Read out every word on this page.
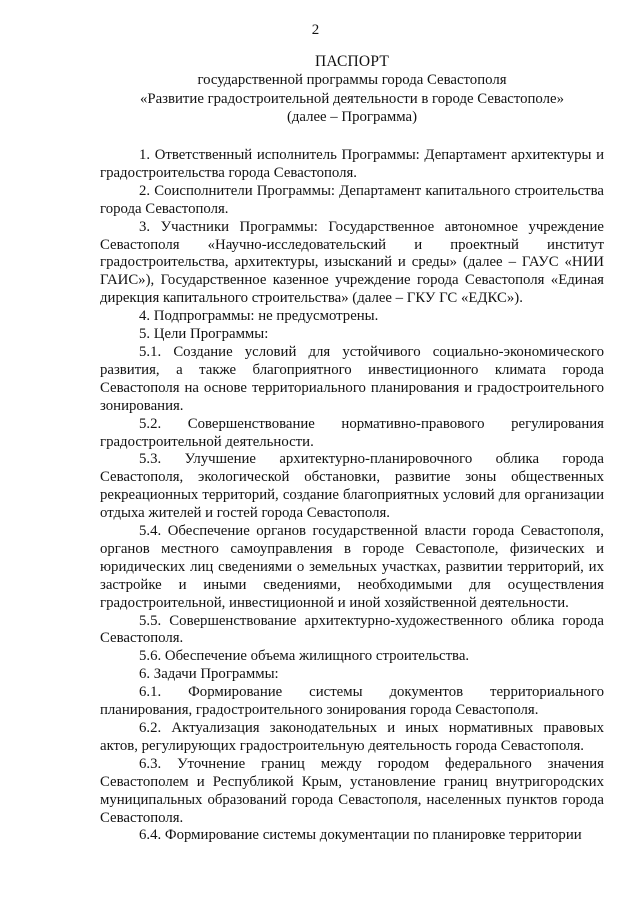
2
ПАСПОРТ
государственной программы города Севастополя
«Развитие градостроительной деятельности в городе Севастополе»
(далее – Программа)

1. Ответственный исполнитель Программы: Департамент архитектуры и градостроительства города Севастополя.

2. Соисполнители Программы: Департамент капитального строительства города Севастополя.

3. Участники Программы: Государственное автономное учреждение Севастополя «Научно-исследовательский и проектный институт градостроительства, архитектуры, изысканий и среды» (далее – ГАУС «НИИ ГАИС»), Государственное казенное учреждение города Севастополя «Единая дирекция капитального строительства» (далее – ГКУ ГС «ЕДКС»).

4. Подпрограммы: не предусмотрены.

5. Цели Программы:

5.1. Создание условий для устойчивого социально-экономического развития, а также благоприятного инвестиционного климата города Севастополя на основе территориального планирования и градостроительного зонирования.

5.2. Совершенствование нормативно-правового регулирования градостроительной деятельности.

5.3. Улучшение архитектурно-планировочного облика города Севастополя, экологической обстановки, развитие зоны общественных рекреационных территорий, создание благоприятных условий для организации отдыха жителей и гостей города Севастополя.

5.4. Обеспечение органов государственной власти города Севастополя, органов местного самоуправления в городе Севастополе, физических и юридических лиц сведениями о земельных участках, развитии территорий, их застройке и иными сведениями, необходимыми для осуществления градостроительной, инвестиционной и иной хозяйственной деятельности.

5.5. Совершенствование архитектурно-художественного облика города Севастополя.

5.6. Обеспечение объема жилищного строительства.

6. Задачи Программы:

6.1. Формирование системы документов территориального планирования, градостроительного зонирования города Севастополя.

6.2. Актуализация законодательных и иных нормативных правовых актов, регулирующих градостроительную деятельность города Севастополя.

6.3. Уточнение границ между городом федерального значения Севастополем и Республикой Крым, установление границ внутригородских муниципальных образований города Севастополя, населенных пунктов города Севастополя.

6.4. Формирование системы документации по планировке территории
